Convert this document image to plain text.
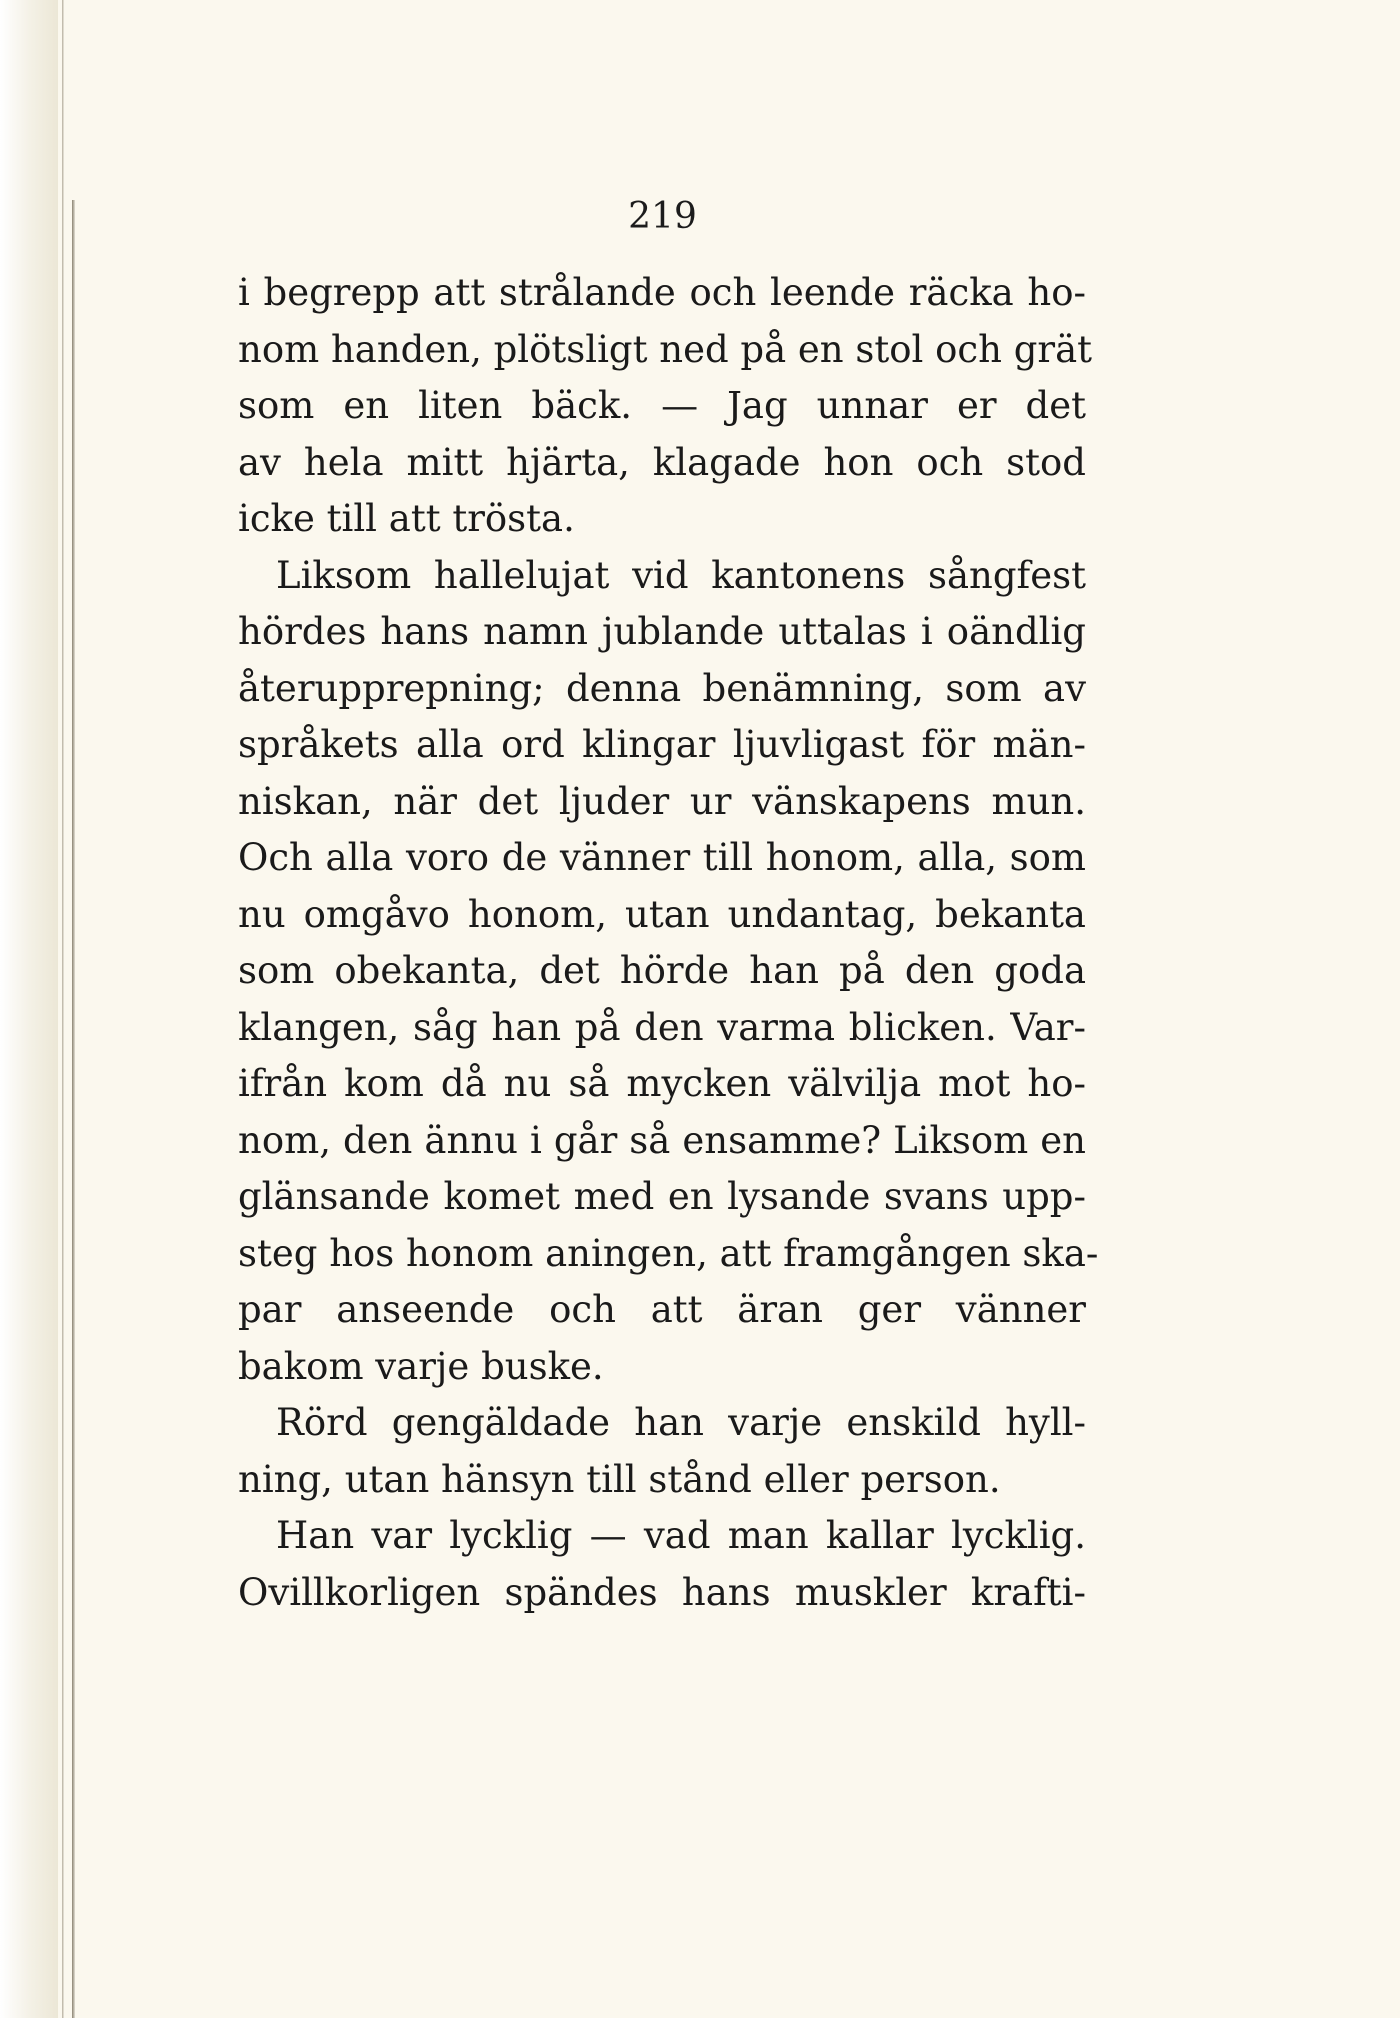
219
i begrepp att strålande och leende räcka ho-
nom handen, plötsligt ned på en stol och grät
som en liten bäck. — Jag unnar er det
av hela mitt hjärta, klagade hon och stod
icke till att trösta.
Liksom hallelujat vid kantonens sångfest
hördes hans namn jublande uttalas i oändlig
återupprepning; denna benämning, som av
språkets alla ord klingar ljuvligast för män-
niskan, när det ljuder ur vänskapens mun.
Och alla voro de vänner till honom, alla, som
nu omgåvo honom, utan undantag, bekanta
som obekanta, det hörde han på den goda
klangen, såg han på den varma blicken. Var-
ifrån kom då nu så mycken välvilja mot ho-
nom, den ännu i går så ensamme? Liksom en
glänsande komet med en lysande svans upp-
steg hos honom aningen, att framgången ska-
par anseende och att äran ger vänner
bakom varje buske.
Rörd gengäldade han varje enskild hyll-
ning, utan hänsyn till stånd eller person.
Han var lycklig — vad man kallar lycklig.
Ovillkorligen spändes hans muskler krafti-
